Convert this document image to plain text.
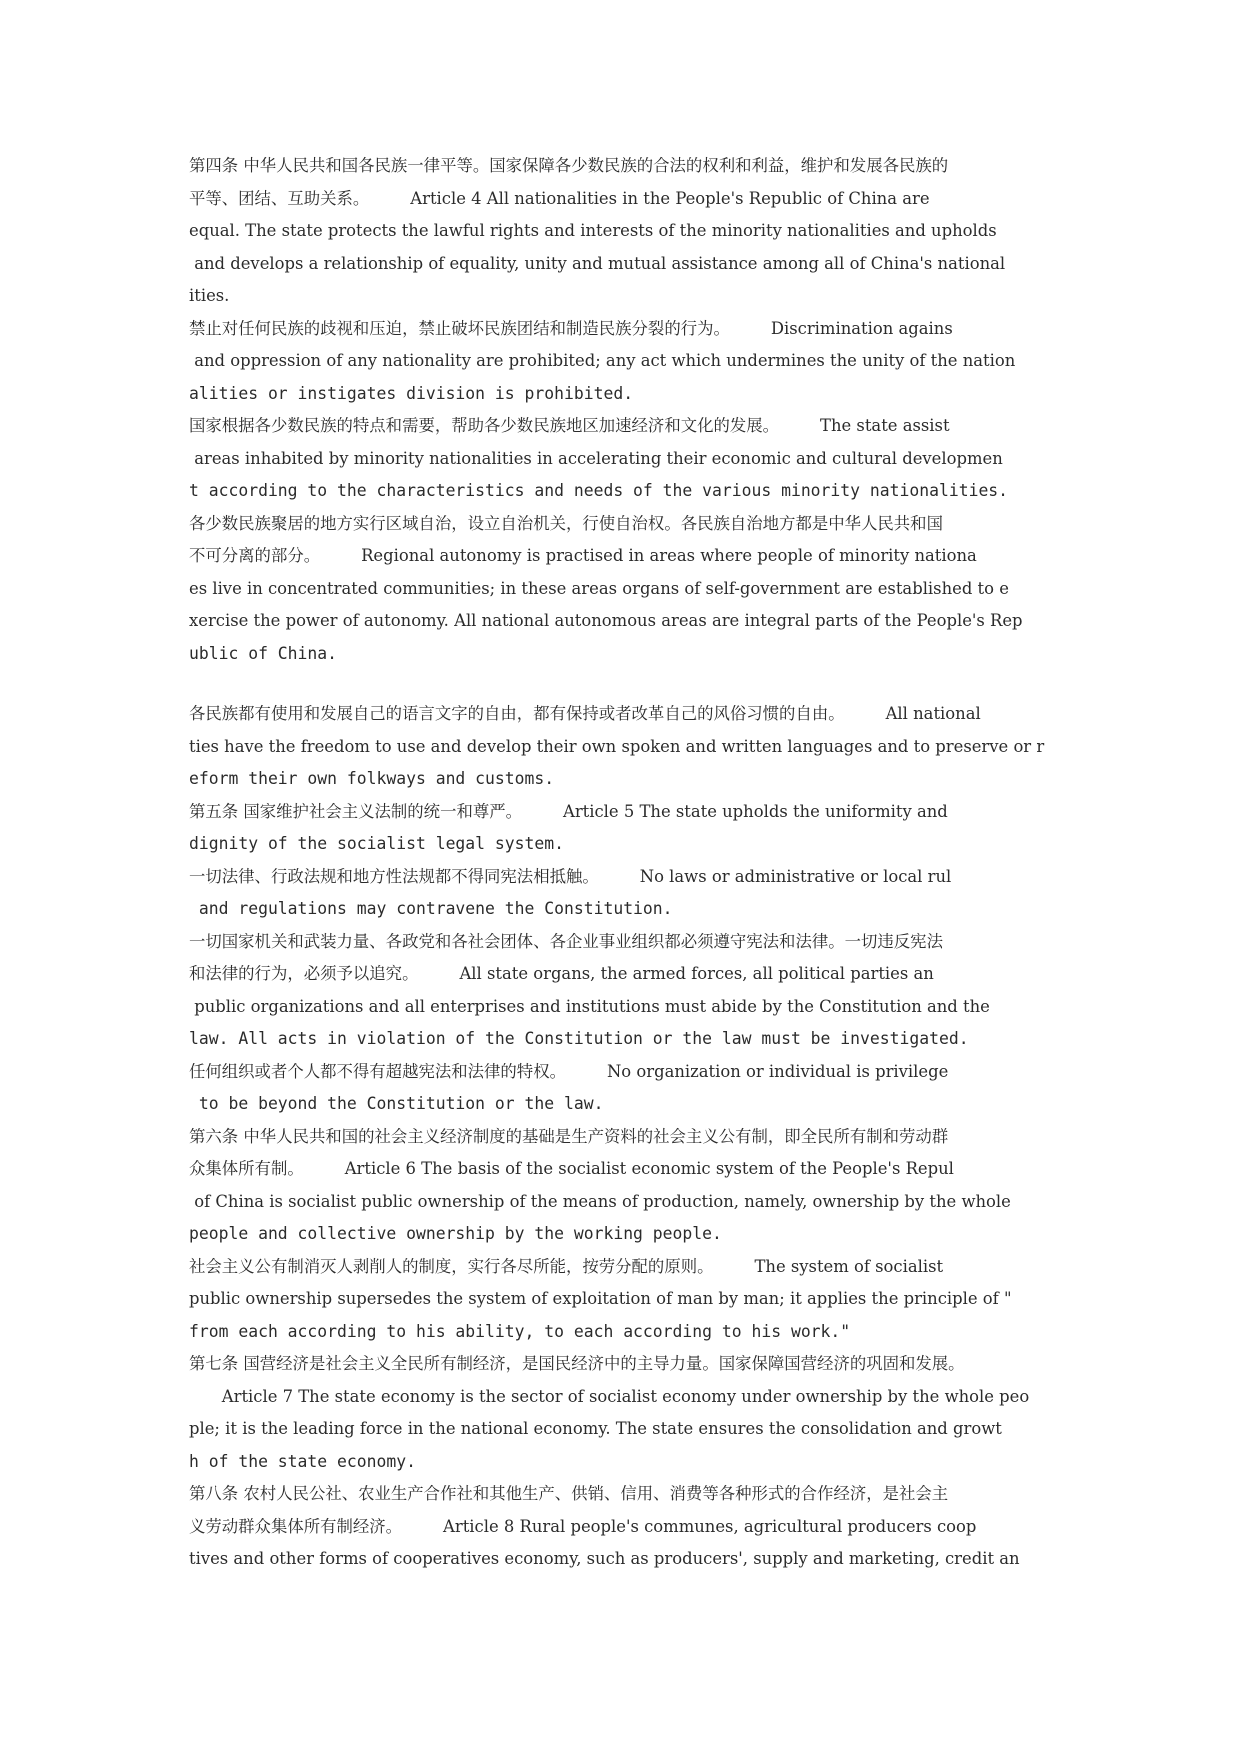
第四条 中华人民共和国各民族一律平等。国家保障各少数民族的合法的权利和利益，维护和发展各民族的
平等、团结、互助关系。　　　Article 4 All nationalities in the People's Republic of China are
equal. The state protects the lawful rights and interests of the minority nationalities and upholds
and develops a relationship of equality, unity and mutual assistance among all of China's national
ities.
禁止对任何民族的歧视和压迫，禁止破坏民族团结和制造民族分裂的行为。　　　Discrimination agains
and oppression of any nationality are prohibited; any act which undermines the unity of the nation
alities or instigates division is prohibited.
国家根据各少数民族的特点和需要，帮助各少数民族地区加速经济和文化的发展。　　　The state assist
areas inhabited by minority nationalities in accelerating their economic and cultural developmen
t according to the characteristics and needs of the various minority nationalities.
各少数民族聚居的地方实行区域自治，设立自治机关，行使自治权。各民族自治地方都是中华人民共和国
不可分离的部分。　　　Regional autonomy is practised in areas where people of minority nationa
es live in concentrated communities; in these areas organs of self-government are established to e
xercise the power of autonomy. All national autonomous areas are integral parts of the People's Rep
ublic of China.
各民族都有使用和发展自己的语言文字的自由，都有保持或者改革自己的风俗习惯的自由。　　　All national
ties have the freedom to use and develop their own spoken and written languages and to preserve or r
eform their own folkways and customs.
第五条 国家维护社会主义法制的统一和尊严。　　　Article 5 The state upholds the uniformity and
dignity of the socialist legal system.
一切法律、行政法规和地方性法规都不得同宪法相抵触。　　　No laws or administrative or local rul
and regulations may contravene the Constitution.
一切国家机关和武装力量、各政党和各社会团体、各企业事业组织都必须遵守宪法和法律。一切违反宪法
和法律的行为，必须予以追究。　　　All state organs, the armed forces, all political parties an
public organizations and all enterprises and institutions must abide by the Constitution and the
law. All acts in violation of the Constitution or the law must be investigated.
任何组织或者个人都不得有超越宪法和法律的特权。　　　No organization or individual is privilege
to be beyond the Constitution or the law.
第六条 中华人民共和国的社会主义经济制度的基础是生产资料的社会主义公有制，即全民所有制和劳动群
众集体所有制。　　　Article 6 The basis of the socialist economic system of the People's Repul
of China is socialist public ownership of the means of production, namely, ownership by the whole
people and collective ownership by the working people.
社会主义公有制消灭人剥削人的制度，实行各尽所能，按劳分配的原则。　　　The system of socialist
public ownership supersedes the system of exploitation of man by man; it applies the principle of "
from each according to his ability, to each according to his work."
第七条 国营经济是社会主义全民所有制经济，是国民经济中的主导力量。国家保障国营经济的巩固和发展。
　　Article 7 The state economy is the sector of socialist economy under ownership by the whole peo
ple; it is the leading force in the national economy. The state ensures the consolidation and growt
h of the state economy.
第八条 农村人民公社、农业生产合作社和其他生产、供销、信用、消费等各种形式的合作经济，是社会主
义劳动群众集体所有制经济。　　　Article 8 Rural people's communes, agricultural producers coop
tives and other forms of cooperatives economy, such as producers', supply and marketing, credit an
